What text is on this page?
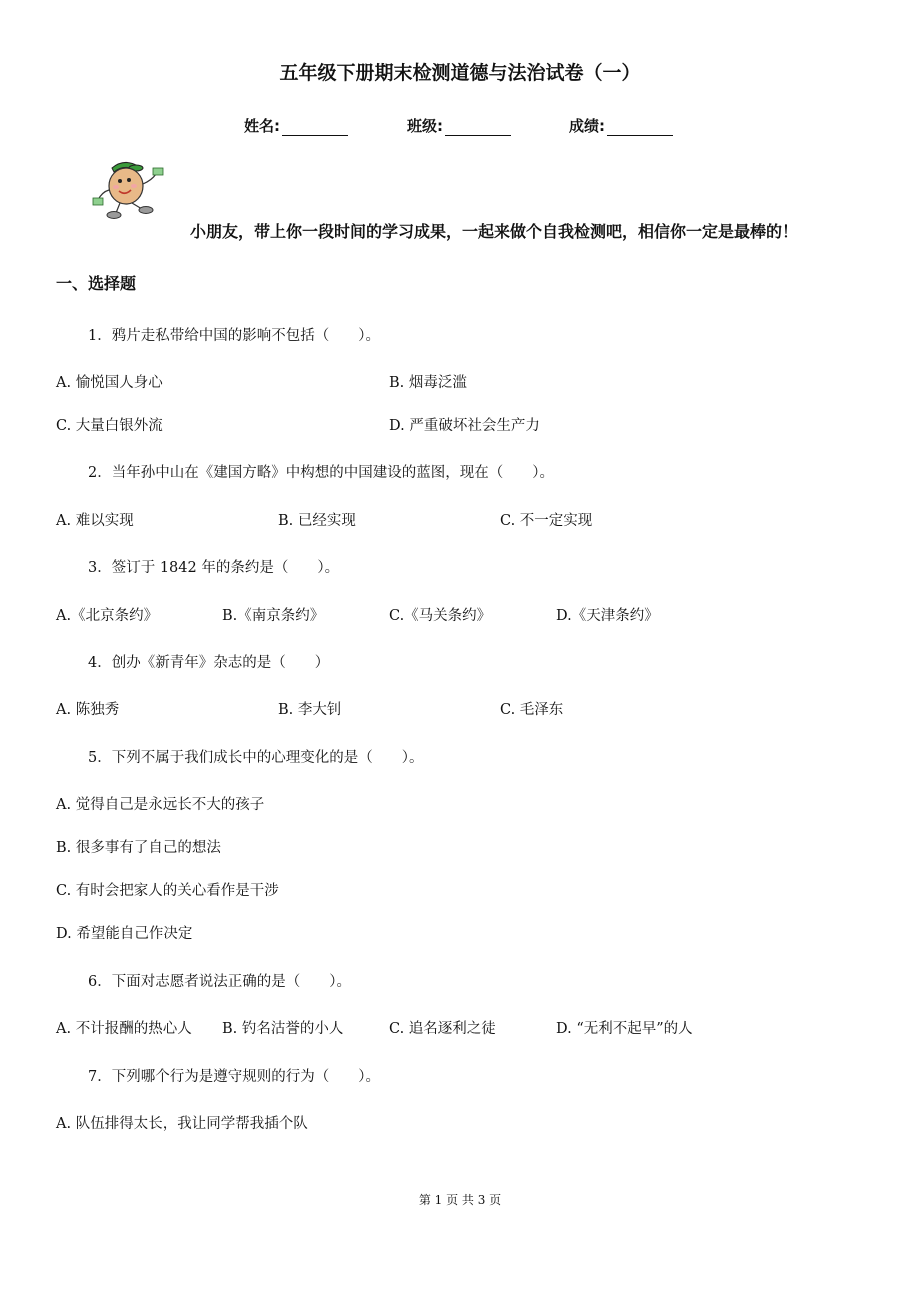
五年级下册期末检测道德与法治试卷（一）
姓名:	班级:	成绩:
小朋友，带上你一段时间的学习成果，一起来做个自我检测吧，相信你一定是最棒的！
一、选择题
1．鸦片走私带给中国的影响不包括（　　）。
A. 愉悦国人身心	B. 烟毒泛滥
C. 大量白银外流	D. 严重破坏社会生产力
2．当年孙中山在《建国方略》中构想的中国建设的蓝图，现在（　　）。
A. 难以实现	B. 已经实现	C. 不一定实现
3．签订于 1842 年的条约是（　　）。
A.《北京条约》	B.《南京条约》	C.《马关条约》	D.《天津条约》
4．创办《新青年》杂志的是（　　）
A. 陈独秀	B. 李大钊	C. 毛泽东
5．下列不属于我们成长中的心理变化的是（　　）。
A. 觉得自己是永远长不大的孩子
B. 很多事有了自己的想法
C. 有时会把家人的关心看作是干涉
D. 希望能自己作决定
6．下面对志愿者说法正确的是（　　）。
A. 不计报酬的热心人 B. 钓名沽誉的小人	C. 追名逐利之徒	D. “无利不起早”的人
7．下列哪个行为是遵守规则的行为（　　）。
A. 队伍排得太长，我让同学帮我插个队
第 1 页 共 3 页
